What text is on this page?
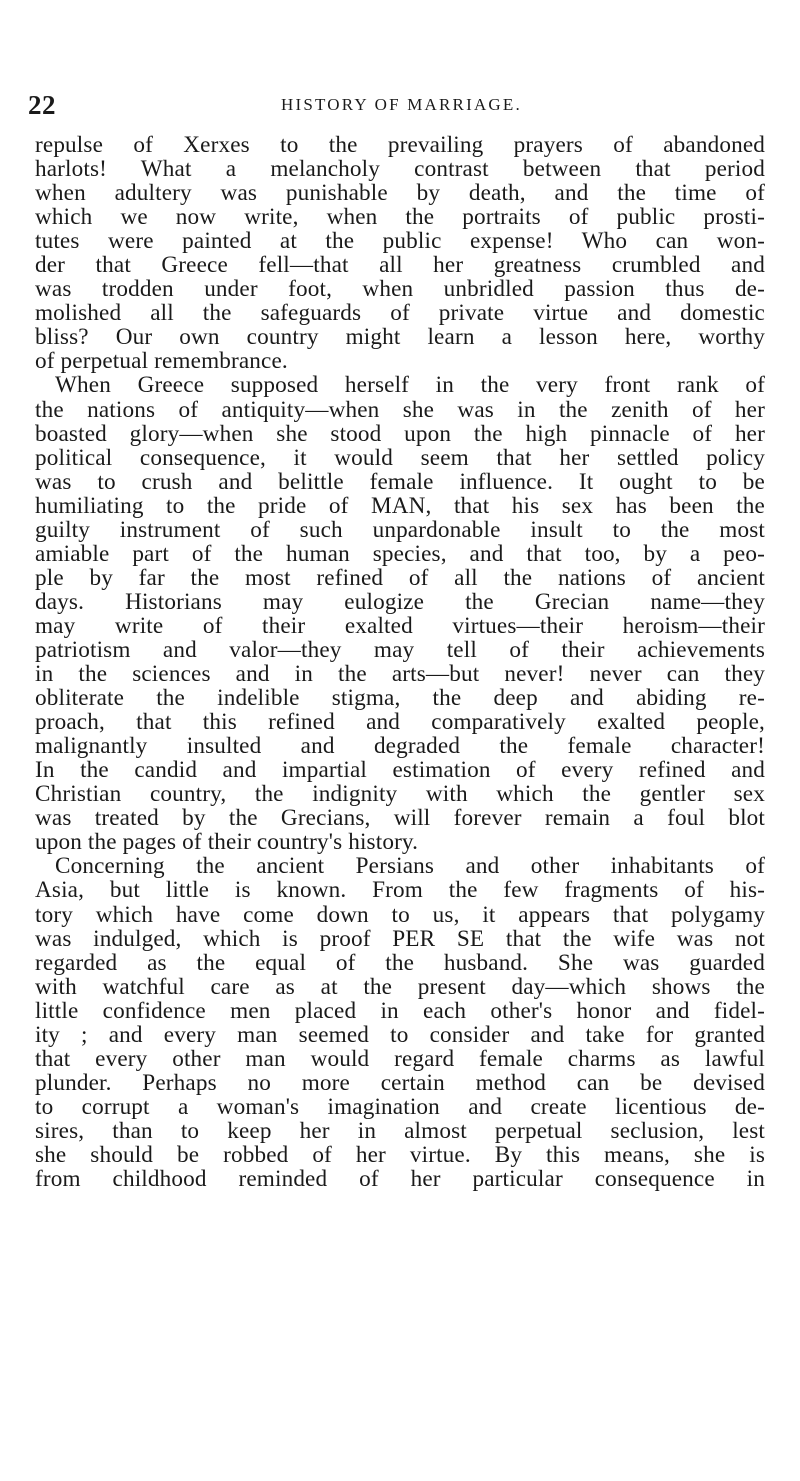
22	HISTORY OF MARRIAGE.
repulse of Xerxes to the prevailing prayers of abandoned
harlots! What a melancholy contrast between that period
when adultery was punishable by death, and the time of
which we now write, when the portraits of public prosti-
tutes were painted at the public expense! Who can won-
der that Greece fell—that all her greatness crumbled and
was trodden under foot, when unbridled passion thus de-
molished all the safeguards of private virtue and domestic
bliss? Our own country might learn a lesson here, worthy
of perpetual remembrance.
When Greece supposed herself in the very front rank of
the nations of antiquity—when she was in the zenith of her
boasted glory—when she stood upon the high pinnacle of her
political consequence, it would seem that her settled policy
was to crush and belittle female influence. It ought to be
humiliating to the pride of MAN, that his sex has been the
guilty instrument of such unpardonable insult to the most
amiable part of the human species, and that too, by a peo-
ple by far the most refined of all the nations of ancient
days. Historians may eulogize the Grecian name—they
may write of their exalted virtues—their heroism—their
patriotism and valor—they may tell of their achievements
in the sciences and in the arts—but never! never can they
obliterate the indelible stigma, the deep and abiding re-
proach, that this refined and comparatively exalted people,
malignantly insulted and degraded the female character!
In the candid and impartial estimation of every refined and
Christian country, the indignity with which the gentler sex
was treated by the Grecians, will forever remain a foul blot
upon the pages of their country's history.
Concerning the ancient Persians and other inhabitants of
Asia, but little is known. From the few fragments of his-
tory which have come down to us, it appears that polygamy
was indulged, which is proof PER SE that the wife was not
regarded as the equal of the husband. She was guarded
with watchful care as at the present day—which shows the
little confidence men placed in each other's honor and fidel-
ity ; and every man seemed to consider and take for granted
that every other man would regard female charms as lawful
plunder. Perhaps no more certain method can be devised
to corrupt a woman's imagination and create licentious de-
sires, than to keep her in almost perpetual seclusion, lest
she should be robbed of her virtue. By this means, she is
from childhood reminded of her particular consequence in
